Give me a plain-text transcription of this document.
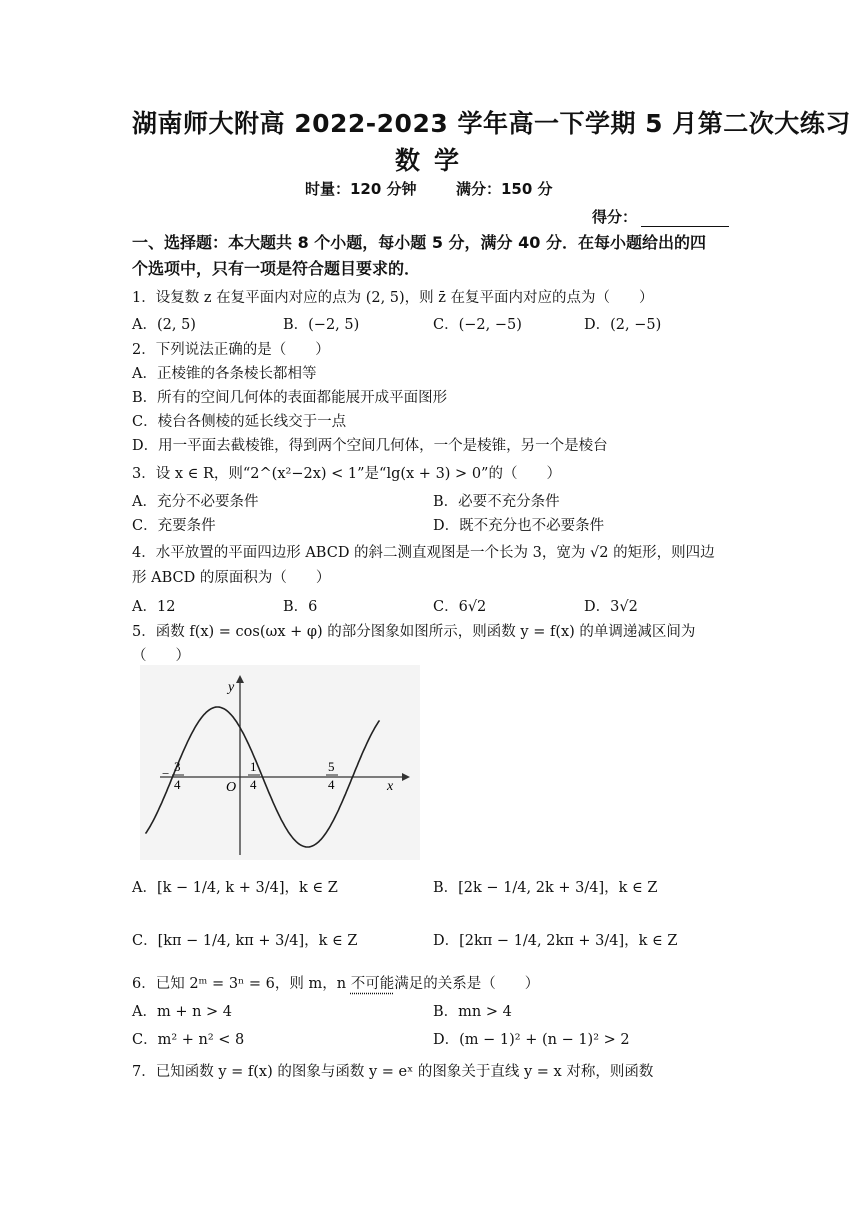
湖南师大附高 2022-2023 学年高一下学期 5 月第二次大练习
数学
时量：120 分钟	满分：150 分
得分：
一、选择题：本大题共 8 个小题，每小题 5 分，满分 40 分．在每小题给出的四
个选项中，只有一项是符合题目要求的．
1．设复数 z 在复平面内对应的点为 (2, 5)，则 z̄ 在复平面内对应的点为（　　）
A．(2, 5)	B．(−2, 5)	C．(−2, −5)	D．(2, −5)
2．下列说法正确的是（　　）
A．正棱锥的各条棱长都相等
B．所有的空间几何体的表面都能展开成平面图形
C．棱台各侧棱的延长线交于一点
D．用一平面去截棱锥，得到两个空间几何体，一个是棱锥，另一个是棱台
3．设 x ∈ R，则“2^(x²−2x) < 1”是“lg(x + 3) > 0”的（　　）
A．充分不必要条件	B．必要不充分条件
C．充要条件	D．既不充分也不必要条件
4．水平放置的平面四边形 ABCD 的斜二测直观图是一个长为 3，宽为 √2 的矩形，则四边
形 ABCD 的原面积为（　　）
A．12	B．6	C．6√2	D．3√2
5．函数 f(x) = cos(ωx + φ) 的部分图象如图所示，则函数 y = f(x) 的单调递减区间为
（　　）
x
y
O
− 3
4
1
4
5
4
A．[k − 1/4, k + 3/4]，k ∈ Z	B．[2k − 1/4, 2k + 3/4]，k ∈ Z
C．[kπ − 1/4, kπ + 3/4]，k ∈ Z	D．[2kπ − 1/4, 2kπ + 3/4]，k ∈ Z
6．已知 2ᵐ = 3ⁿ = 6，则 m，n 不可能满足的关系是（　　）
A．m + n > 4	B．mn > 4
C．m² + n² < 8	D．(m − 1)² + (n − 1)² > 2
7．已知函数 y = f(x) 的图象与函数 y = eˣ 的图象关于直线 y = x 对称，则函数
